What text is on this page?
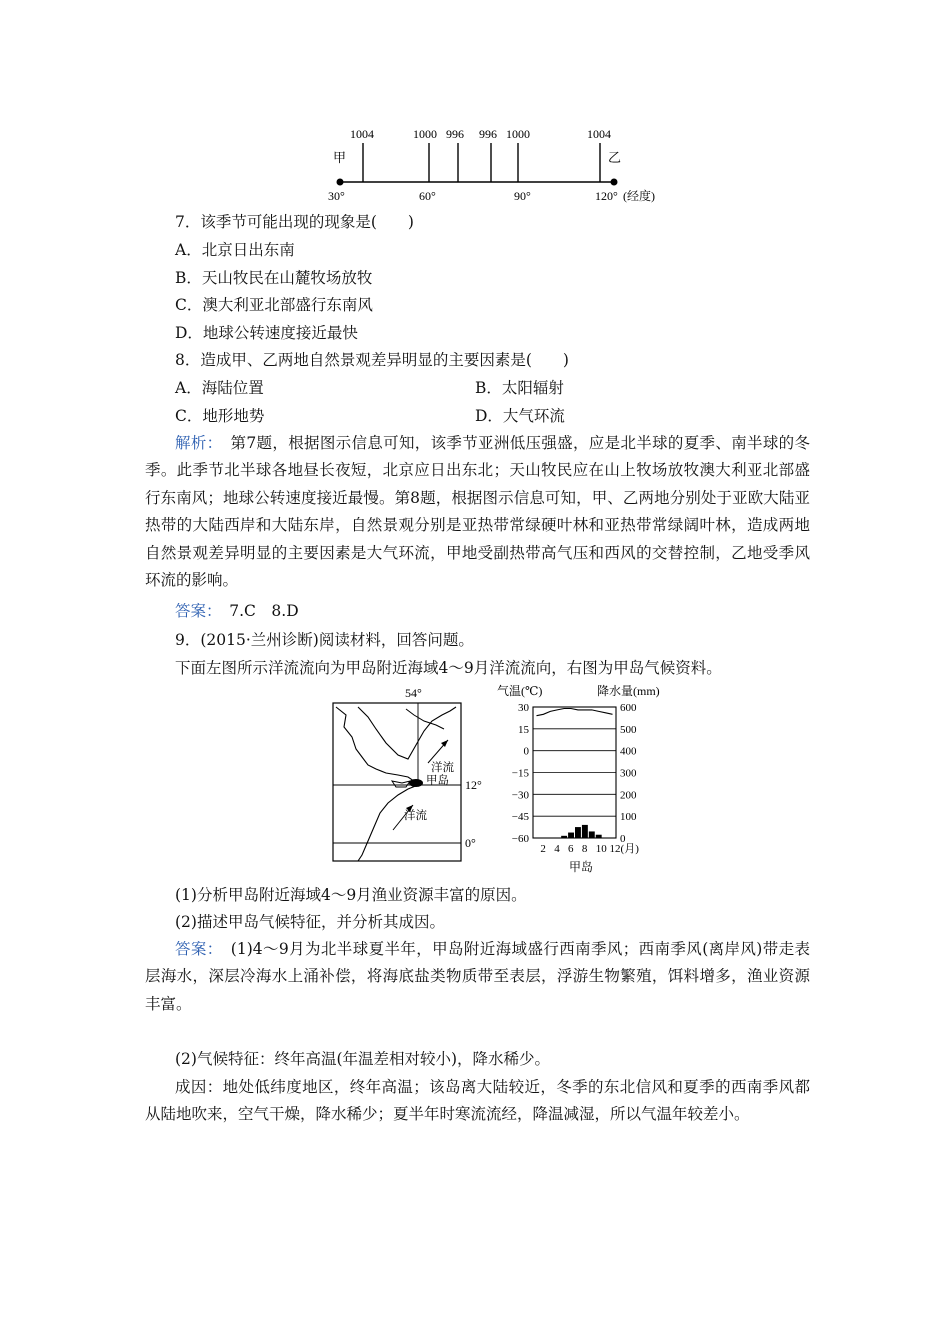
甲	乙
1004	1000 996 996 1000	1004
30°	60°	90°	120° (经度)
7．该季节可能出现的现象是(　　)
A．北京日出东南
B．天山牧民在山麓牧场放牧
C．澳大利亚北部盛行东南风
D．地球公转速度接近最快
8．造成甲、乙两地自然景观差异明显的主要因素是(　　)
A．海陆位置	B．太阳辐射
C．地形地势	D．大气环流
解析：　第7题，根据图示信息可知，该季节亚洲低压强盛，应是北半球的夏季、南半球的冬季。此季节北半球各地昼长夜短，北京应日出东北；天山牧民应在山上牧场放牧澳大利亚北部盛行东南风；地球公转速度接近最慢。第8题，根据图示信息可知，甲、乙两地分别处于亚欧大陆亚热带的大陆西岸和大陆东岸，自然景观分别是亚热带常绿硬叶林和亚热带常绿阔叶林，造成两地自然景观差异明显的主要因素是大气环流，甲地受副热带高气压和西风的交替控制，乙地受季风环流的影响。
答案：　7.C　8.D
9．(2015·兰州诊断)阅读材料，回答问题。
下面左图所示洋流流向为甲岛附近海域4～9月洋流流向，右图为甲岛气候资料。
54°
12°
0°
洋流
甲岛
洋流
气温(℃)	降水量(mm)
30	600
15	500
0	400
−15	300
−30	200
−45	100
−60	0
2 4 6 8 10 12(月)
甲岛
(1)分析甲岛附近海域4～9月渔业资源丰富的原因。
(2)描述甲岛气候特征，并分析其成因。
答案：　(1)4～9月为北半球夏半年，甲岛附近海域盛行西南季风；西南季风(离岸风)带走表层海水，深层冷海水上涌补偿，将海底盐类物质带至表层，浮游生物繁殖，饵料增多，渔业资源丰富。
(2)气候特征：终年高温(年温差相对较小)，降水稀少。
成因：地处低纬度地区，终年高温；该岛离大陆较近，冬季的东北信风和夏季的西南季风都从陆地吹来，空气干燥，降水稀少；夏半年时寒流流经，降温减湿，所以气温年较差小。
